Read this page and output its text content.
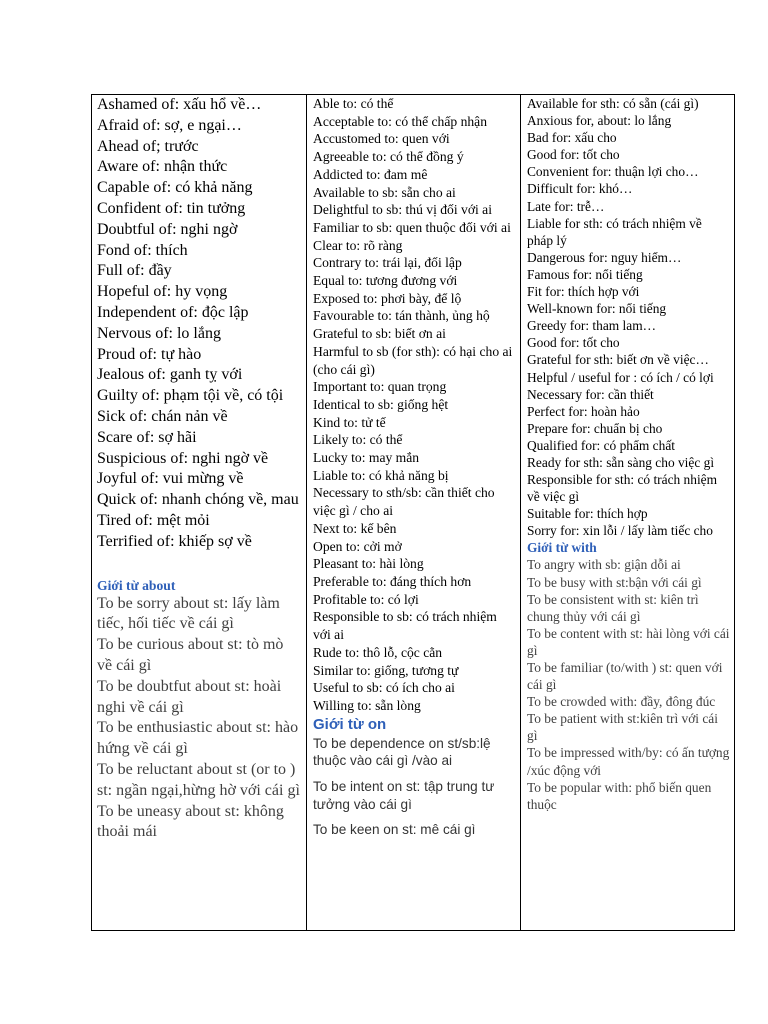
Ashamed of: xấu hổ về…
Afraid of: sợ, e ngại…
Ahead of; trước
Aware of: nhận thức
Capable of: có khả năng
Confident of: tin tưởng
Doubtful of: nghi ngờ
Fond of: thích
Full of: đầy
Hopeful of: hy vọng
Independent of: độc lập
Nervous of: lo lắng
Proud of: tự hào
Jealous of: ganh tỵ với
Guilty of: phạm tội về, có tội
Sick of: chán nản về
Scare of: sợ hãi
Suspicious of: nghi ngờ về
Joyful of: vui mừng về
Quick of: nhanh chóng về, mau
Tired of: mệt mỏi
Terrified of: khiếp sợ về

Giới từ about

To be sorry about st: lấy làm tiếc, hối tiếc về cái gì
To be curious about st: tò mò về cái gì
To be doubtfut about st: hoài nghi về cái gì
To be enthusiastic about st: hào hứng về cái gì
To be reluctant about st (or to ) st: ngần ngại,hừng hờ với cái gì
To be uneasy about st: không thoải mái
Able to: có thể
Acceptable to: có thể chấp nhận
Accustomed to: quen với
Agreeable to: có thể đồng ý
Addicted to: đam mê
Available to sb: sẵn cho ai
Delightful to sb: thú vị đối với ai
Familiar to sb: quen thuộc đối với ai
Clear to: rõ ràng
Contrary to: trái lại, đối lập
Equal to: tương đương với
Exposed to: phơi bày, để lộ
Favourable to: tán thành, ủng hộ
Grateful to sb: biết ơn ai
Harmful to sb (for sth): có hại cho ai (cho cái gì)
Important to: quan trọng
Identical to sb: giống hệt
Kind to: tử tế
Likely to: có thể
Lucky to: may mắn
Liable to: có khả năng bị
Necessary to sth/sb: cần thiết cho việc gì / cho ai
Next to: kế bên
Open to: cởi mở
Pleasant to: hài lòng
Preferable to: đáng thích hơn
Profitable to: có lợi
Responsible to sb: có trách nhiệm với ai
Rude to: thô lỗ, cộc cằn
Similar to: giống, tương tự
Useful to sb: có ích cho ai
Willing to: sẵn lòng

Giới từ on

To be dependence on st/sb:lệ thuộc vào cái gì /vào ai
To be intent on st: tập trung tư tưởng vào cái gì
To be keen on st: mê cái gì
Available for sth: có sẵn (cái gì)
Anxious for, about: lo lắng
Bad for: xấu cho
Good for: tốt cho
Convenient for: thuận lợi cho…
Difficult for: khó…
Late for: trễ…
Liable for sth: có trách nhiệm về pháp lý
Dangerous for: nguy hiểm…
Famous for: nổi tiếng
Fit for: thích hợp với
Well-known for: nổi tiếng
Greedy for: tham lam…
Good for: tốt cho
Grateful for sth: biết ơn về việc…
Helpful / useful for : có ích / có lợi
Necessary for: cần thiết
Perfect for: hoàn hảo
Prepare for: chuẩn bị cho
Qualified for: có phẩm chất
Ready for sth: sẵn sàng cho việc gì
Responsible for sth: có trách nhiệm về việc gì
Suitable for: thích hợp
Sorry for: xin lỗi / lấy làm tiếc cho

Giới từ with

To angry with sb: giận dỗi ai
To be busy with st:bận với cái gì
To be consistent with st: kiên trì chung thủy với cái gì
To be content with st: hài lòng với cái gì
To be familiar (to/with ) st: quen với cái gì
To be crowded with: đầy, đông đúc
To be patient with st:kiên trì với cái gì
To be impressed with/by: có ấn tượng /xúc động với
To be popular with: phổ biến quen thuộc
